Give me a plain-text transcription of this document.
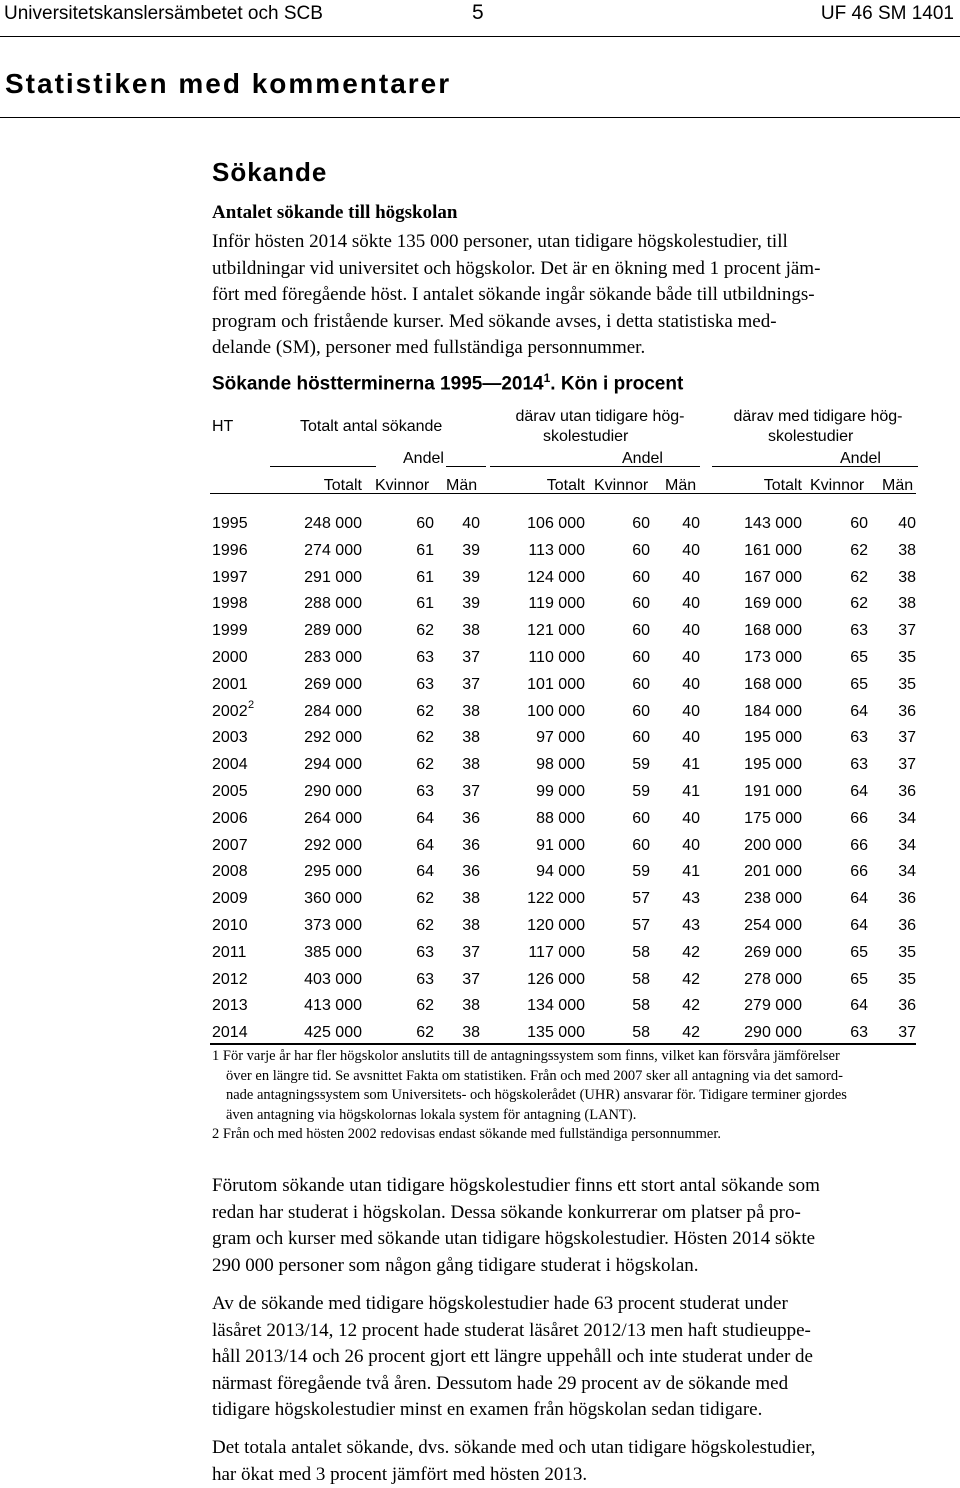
Universitetskanslersämbetet och SCB	5	UF 46 SM 1401
Statistiken med kommentarer
Sökande
Antalet sökande till högskolan
Inför hösten 2014 sökte 135 000 personer, utan tidigare högskolestudier, till
utbildningar vid universitet och högskolor. Det är en ökning med 1 procent jäm-
fört med föregående höst. I antalet sökande ingår sökande både till utbildnings-
program och fristående kurser. Med sökande avses, i detta statistiska med-
delande (SM), personer med fullständiga personnummer.
Sökande höstterminerna 1995—2014$^1$. Kön i procent
HT	Totalt antal sökande
därav utan tidigare hög-
skolestudier
därav med tidigare hög-
skolestudier
Andel	Andel	Andel
Totalt Kvinnor Män	Totalt Kvinnor Män	Totalt Kvinnor Män
1995	248 000	60	40	106 000	60	40	143 000	60	40
1996	274 000	61	39	113 000	60	40	161 000	62	38
1997	291 000	61	39	124 000	60	40	167 000	62	38
1998	288 000	61	39	119 000	60	40	169 000	62	38
1999	289 000	62	38	121 000	60	40	168 000	63	37
2000	283 000	63	37	110 000	60	40	173 000	65	35
2001	269 000	63	37	101 000	60	40	168 000	65	35
2002 2	284 000	62	38	100 000	60	40	184 000	64	36
2003	292 000	62	38	97 000	60	40	195 000	63	37
2004	294 000	62	38	98 000	59	41	195 000	63	37
2005	290 000	63	37	99 000	59	41	191 000	64	36
2006	264 000	64	36	88 000	60	40	175 000	66	34
2007	292 000	64	36	91 000	60	40	200 000	66	34
2008	295 000	64	36	94 000	59	41	201 000	66	34
2009	360 000	62	38	122 000	57	43	238 000	64	36
2010	373 000	62	38	120 000	57	43	254 000	64	36
2011	385 000	63	37	117 000	58	42	269 000	65	35
2012	403 000	63	37	126 000	58	42	278 000	65	35
2013	413 000	62	38	134 000	58	42	279 000	64	36
2014	425 000	62	38	135 000	58	42	290 000	63	37
1 För varje år har fler högskolor anslutits till de antagningssystem som finns, vilket kan försvåra jämförelser
över en längre tid. Se avsnittet Fakta om statistiken. Från och med 2007 sker all antagning via det samord-
nade antagningssystem som Universitets- och högskolerådet (UHR) ansvarar för. Tidigare terminer gjordes
även antagning via högskolornas lokala system för antagning (LANT).
2 Från och med hösten 2002 redovisas endast sökande med fullständiga personnummer.
Förutom sökande utan tidigare högskolestudier finns ett stort antal sökande som
redan har studerat i högskolan. Dessa sökande konkurrerar om platser på pro-
gram och kurser med sökande utan tidigare högskolestudier. Hösten 2014 sökte
290 000 personer som någon gång tidigare studerat i högskolan.
Av de sökande med tidigare högskolestudier hade 63 procent studerat under
läsåret 2013/14, 12 procent hade studerat läsåret 2012/13 men haft studieuppe-
håll 2013/14 och 26 procent gjort ett längre uppehåll och inte studerat under de
närmast föregående två åren. Dessutom hade 29 procent av de sökande med
tidigare högskolestudier minst en examen från högskolan sedan tidigare.
Det totala antalet sökande, dvs. sökande med och utan tidigare högskolestudier,
har ökat med 3 procent jämfört med hösten 2013.
